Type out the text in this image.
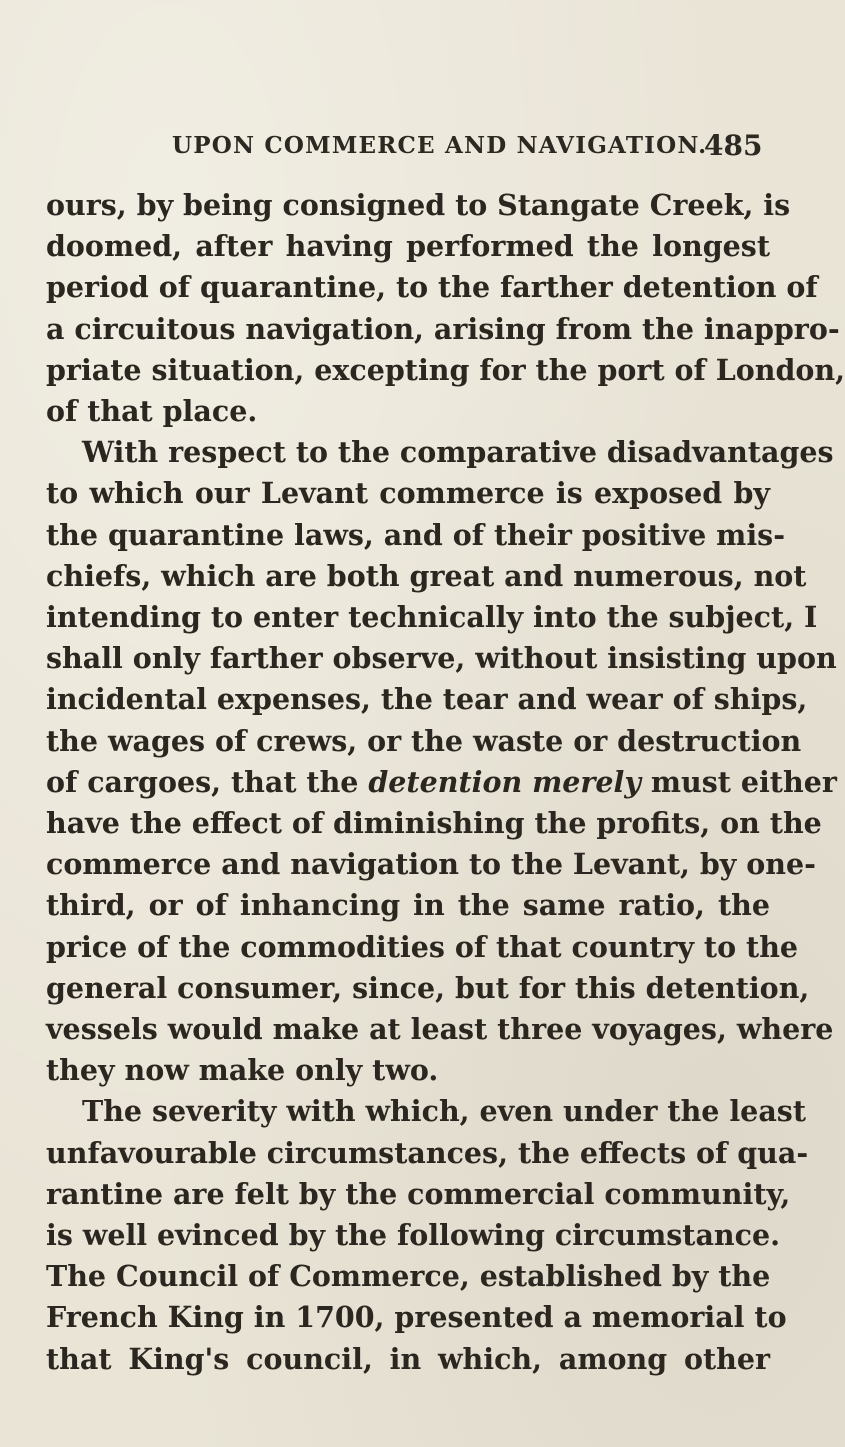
UPON COMMERCE AND NAVIGATION.
485
ours, by being consigned to Stangate Creek, is
doomed, after having performed the longest
period of quarantine, to the farther detention of
a circuitous navigation, arising from the inappro-
priate situation, excepting for the port of London,
of that place.
With respect to the comparative disadvantages
to which our Levant commerce is exposed by
the quarantine laws, and of their positive mis-
chiefs, which are both great and numerous, not
intending to enter technically into the subject, I
shall only farther observe, without insisting upon
incidental expenses, the tear and wear of ships,
the wages of crews, or the waste or destruction
of cargoes, that the detention merely must either
have the effect of diminishing the profits, on the
commerce and navigation to the Levant, by one-
third, or of inhancing in the same ratio, the
price of the commodities of that country to the
general consumer, since, but for this detention,
vessels would make at least three voyages, where
they now make only two.
The severity with which, even under the least
unfavourable circumstances, the effects of qua-
rantine are felt by the commercial community,
is well evinced by the following circumstance.
The Council of Commerce, established by the
French King in 1700, presented a memorial to
that King's council, in which, among other
